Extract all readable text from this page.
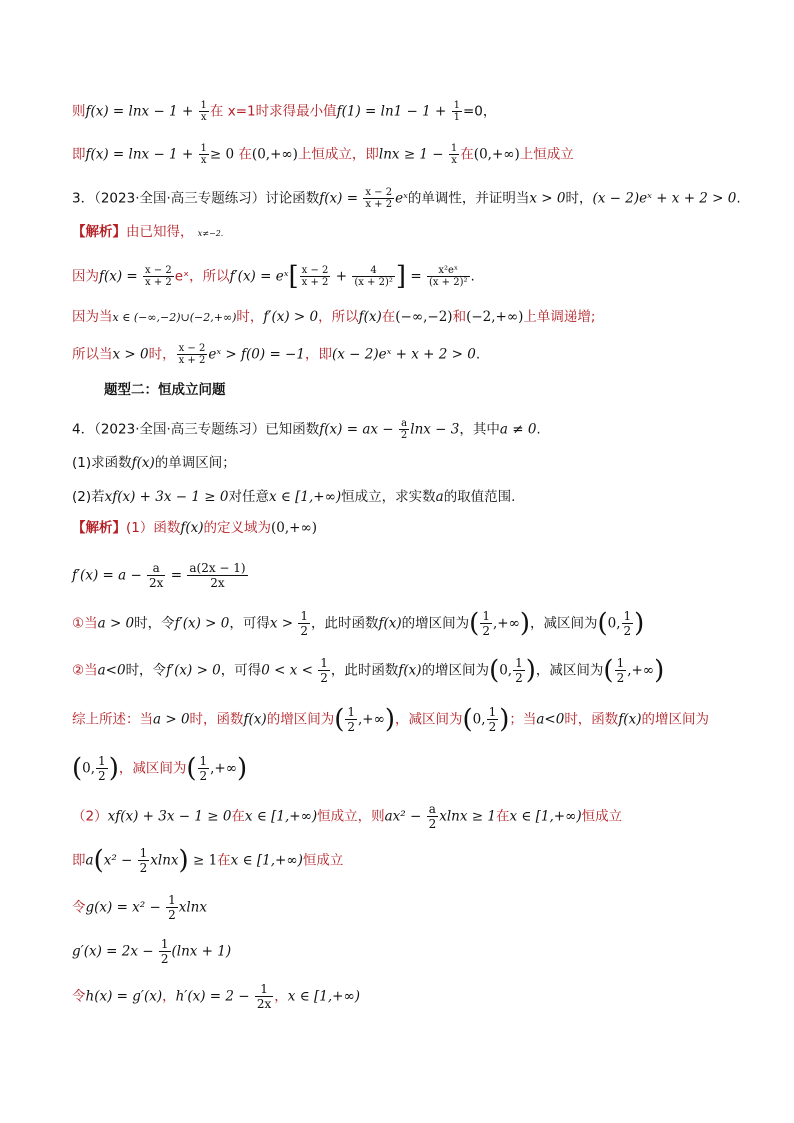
则$f(x) = \ln x - 1 + \frac{1}{x}$ 在 x=1时求得最小值$f(1) = \ln 1 - 1 + \frac{1}{1} =0$，
即$f(x) = \ln x - 1 + \frac{1}{x} \ge 0$ 在(0,+∞)上恒成立，即$\ln x \ge 1 - \frac{1}{x}$ 在(0,+∞)上恒成立
3．（2023·全国·高三专题练习）讨论函数$f(x) = \frac{x - 2}{x + 2}$ eˣ的单调性，并证明当x > 0时，(x − 2)eˣ + x + 2 > 0.
【解析】由已知得， x≠−2.
因为$f(x) = \frac{x - 2}{x + 2}$ eˣ，所以f′(x) = eˣ[ $\frac{x - 2}{x + 2} + \frac{4}{\text{(x + 2)²}}$ ] = $\frac{\text{x²eˣ}}{\text{(x + 2)²}}$ .
因为当x ∈ (−∞,−2)∪(−2,+∞)时，f′(x) > 0，所以f(x)在(−∞,−2)和(−2,+∞)上单调递增;
所以当x > 0时， $\frac{x - 2}{x + 2}$ eˣ > f(0) = −1，即(x − 2)eˣ + x + 2 > 0.
题型二：恒成立问题
4．（2023·全国·高三专题练习）已知函数f(x) = ax − $\frac{a}{2}$ lnx − 3，其中a ≠ 0.
(1)求函数f(x)的单调区间；
(2)若xf(x) + 3x − 1 ≥ 0对任意x ∈ [1,+∞)恒成立，求实数a的取值范围.
【解析】(1）函数f(x)的定义域为(0,+∞)
$f'(x) = a - \frac{a}{2x} = \frac{a(2x - 1)}{2x}$
①当a > 0时，令f′(x) > 0，可得$x > \frac{1}{2}$ ，此时函数f(x)的增区间为( $\frac{1}{2}$ ,+∞)，减区间为(0, $\frac{1}{2}$ )
②当a<0时，令f′(x) > 0，可得$0 < x < \frac{1}{2}$ ，此时函数f(x)的增区间为(0, $\frac{1}{2}$ )，减区间为( $\frac{1}{2}$ ,+∞)
综上所述：当a > 0时，函数f(x)的增区间为( $\frac{1}{2}$ ,+∞)，减区间为(0, $\frac{1}{2}$ )；当a<0时，函数f(x)的增区间为
(0, $\frac{1}{2}$ )，减区间为( $\frac{1}{2}$ ,+∞)
（2）xf(x) + 3x − 1 ≥ 0在x ∈ [1,+∞)恒成立，则$ax^2 - \frac{a}{2}$ xlnx ≥ 1在x ∈ [1,+∞)恒成立
即$a(x^2 - \frac{1}{2} xlnx) \ge 1$在x ∈ [1,+∞)恒成立
令$g(x) = x^2 - \frac{1}{2}$ xlnx
$g'(x) = 2x - \frac{1}{2} (\ln x + 1)$
令h(x) = g′(x)，$h'(x) = 2 - \frac{1}{2x}$ ，x ∈ [1,+∞)
